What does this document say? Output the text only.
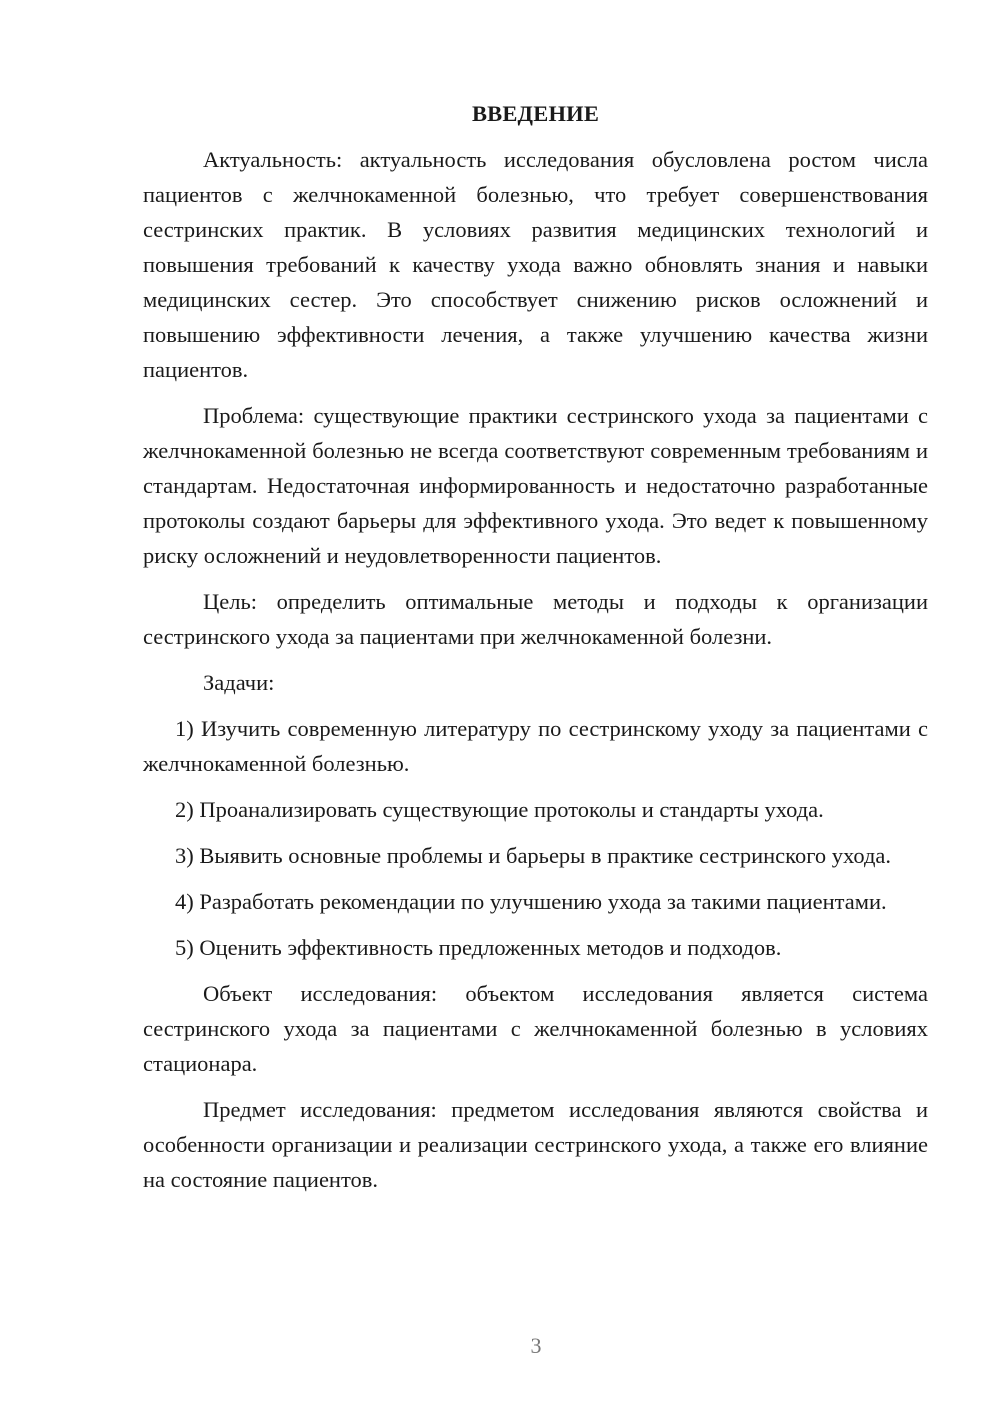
ВВЕДЕНИЕ

Актуальность: актуальность исследования обусловлена ростом числа пациентов с желчнокаменной болезнью, что требует совершенствования сестринских практик. В условиях развития медицинских технологий и повышения требований к качеству ухода важно обновлять знания и навыки медицинских сестер. Это способствует снижению рисков осложнений и повышению эффективности лечения, а также улучшению качества жизни пациентов.

Проблема: существующие практики сестринского ухода за пациентами с желчнокаменной болезнью не всегда соответствуют современным требованиям и стандартам. Недостаточная информированность и недостаточно разработанные протоколы создают барьеры для эффективного ухода. Это ведет к повышенному риску осложнений и неудовлетворенности пациентов.

Цель: определить оптимальные методы и подходы к организации сестринского ухода за пациентами при желчнокаменной болезни.

Задачи:

1) Изучить современную литературу по сестринскому уходу за пациентами с желчнокаменной болезнью.

2) Проанализировать существующие протоколы и стандарты ухода.

3) Выявить основные проблемы и барьеры в практике сестринского ухода.

4) Разработать рекомендации по улучшению ухода за такими пациентами.

5) Оценить эффективность предложенных методов и подходов.

Объект исследования: объектом исследования является система сестринского ухода за пациентами с желчнокаменной болезнью в условиях стационара.

Предмет исследования: предметом исследования являются свойства и особенности организации и реализации сестринского ухода, а также его влияние на состояние пациентов.

3
